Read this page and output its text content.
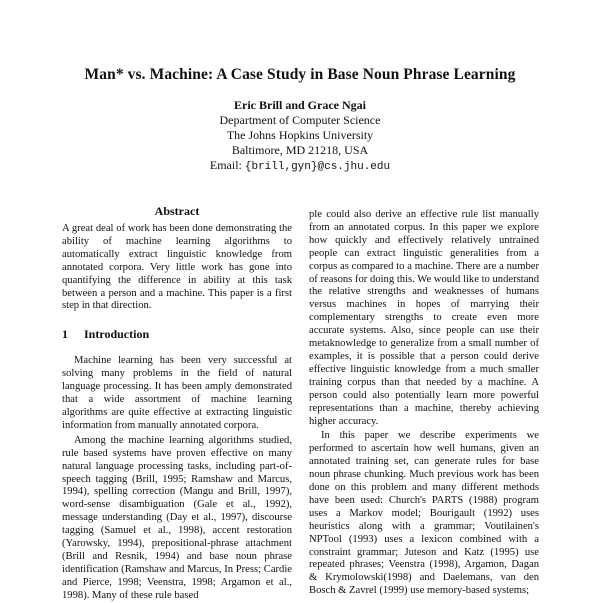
Man* vs. Machine: A Case Study in Base Noun Phrase Learning
Eric Brill and Grace Ngai
Department of Computer Science
The Johns Hopkins University
Baltimore, MD 21218, USA
Email: {brill,gyn}@cs.jhu.edu
Abstract

A great deal of work has been done demonstrating the ability of machine learning algorithms to automatically extract linguistic knowledge from annotated corpora. Very little work has gone into quantifying the difference in ability at this task between a person and a machine. This paper is a first step in that direction.

1 Introduction

Machine learning has been very successful at solving many problems in the field of natural language processing. It has been amply demonstrated that a wide assortment of machine learning algorithms are quite effective at extracting linguistic information from manually annotated corpora.

Among the machine learning algorithms studied, rule based systems have proven effective on many natural language processing tasks, including part-of-speech tagging (Brill, 1995; Ramshaw and Marcus, 1994), spelling correction (Mangu and Brill, 1997), word-sense disambiguation (Gale et al., 1992), message understanding (Day et al., 1997), discourse tagging (Samuel et al., 1998), accent restoration (Yarowsky, 1994), prepositional-phrase attachment (Brill and Resnik, 1994) and base noun phrase identification (Ramshaw and Marcus, In Press; Cardie and Pierce, 1998; Veenstra, 1998; Argamon et al., 1998). Many of these rule based

ple could also derive an effective rule list manually from an annotated corpus. In this paper we explore how quickly and effectively relatively untrained people can extract linguistic generalities from a corpus as compared to a machine. There are a number of reasons for doing this. We would like to understand the relative strengths and weaknesses of humans versus machines in hopes of marrying their complementary strengths to create even more accurate systems. Also, since people can use their metaknowledge to generalize from a small number of examples, it is possible that a person could derive effective linguistic knowledge from a much smaller training corpus than that needed by a machine. A person could also potentially learn more powerful representations than a machine, thereby achieving higher accuracy.

In this paper we describe experiments we performed to ascertain how well humans, given an annotated training set, can generate rules for base noun phrase chunking. Much previous work has been done on this problem and many different methods have been used: Church's PARTS (1988) program uses a Markov model; Bourigault (1992) uses heuristics along with a grammar; Voutilainen's NPTool (1993) uses a lexicon combined with a constraint grammar; Juteson and Katz (1995) use repeated phrases; Veenstra (1998), Argamon, Dagan & Krymolowski(1998) and Daelemans, van den Bosch & Zavrel (1999) use memory-based systems;
